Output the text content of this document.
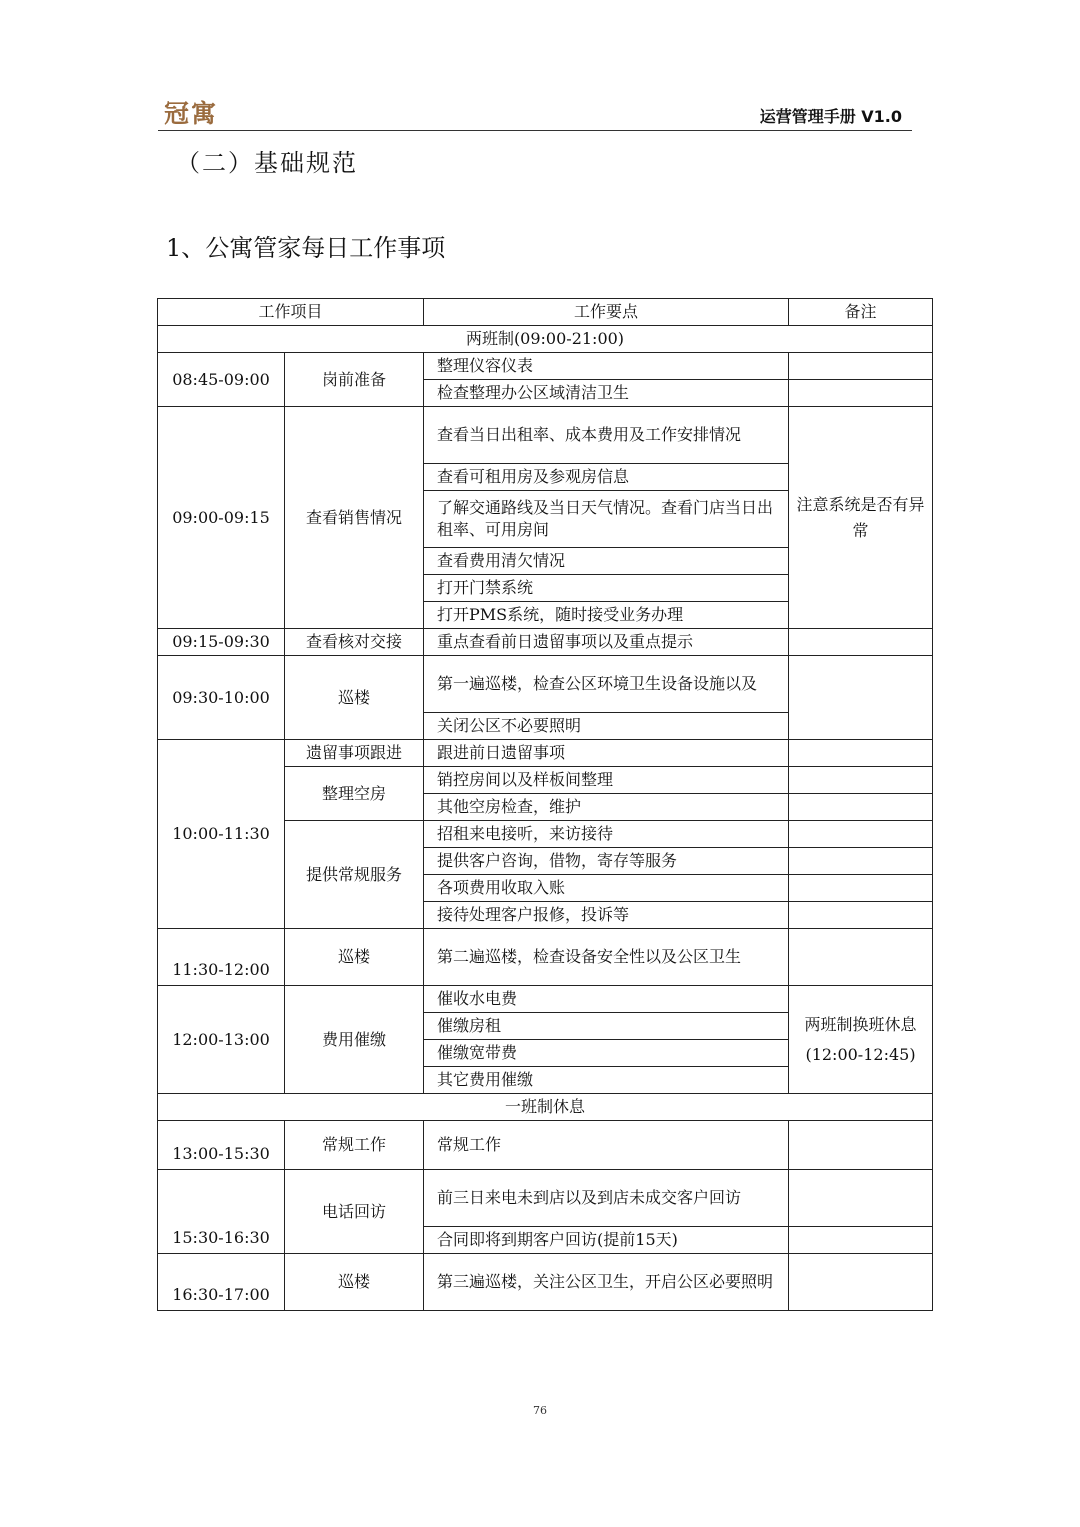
冠寓	运营管理手册 V1.0
（二）基础规范
1、公寓管家每日工作事项
工作项目		工作要点	备注
两班制(09:00-21:00)			
08:45-09:00	岗前准备	整理仪容仪表	
		检查整理办公区域清洁卫生	
09:00-09:15	查看销售情况	查看当日出租率、成本费用及工作安排情况	注意系统是否有异常
		查看可租用房及参观房信息	
		了解交通路线及当日天气情况。查看门店当日出租率、可用房间	
		查看费用清欠情况	
		打开门禁系统	
		打开PMS系统，随时接受业务办理	
09:15-09:30	查看核对交接	重点查看前日遗留事项以及重点提示	
09:30-10:00	巡楼	第一遍巡楼，检查公区环境卫生设备设施以及	
		关闭公区不必要照明	
10:00-11:30	遗留事项跟进	跟进前日遗留事项	
	整理空房	销控房间以及样板间整理	
		其他空房检查，维护	
	提供常规服务	招租来电接听，来访接待	
		提供客户咨询，借物，寄存等服务	
		各项费用收取入账	
		接待处理客户报修，投诉等	
11:30-12:00	巡楼	第二遍巡楼，检查设备安全性以及公区卫生	
12:00-13:00	费用催缴	催收水电费	两班制换班休息(12:00-12:45)
		催缴房租	
		催缴宽带费	
		其它费用催缴	
一班制休息			
13:00-15:30	常规工作	常规工作	
15:30-16:30	电话回访	前三日来电未到店以及到店未成交客户回访	
		合同即将到期客户回访(提前15天)	
16:30-17:00	巡楼	第三遍巡楼，关注公区卫生，开启公区必要照明	
76
